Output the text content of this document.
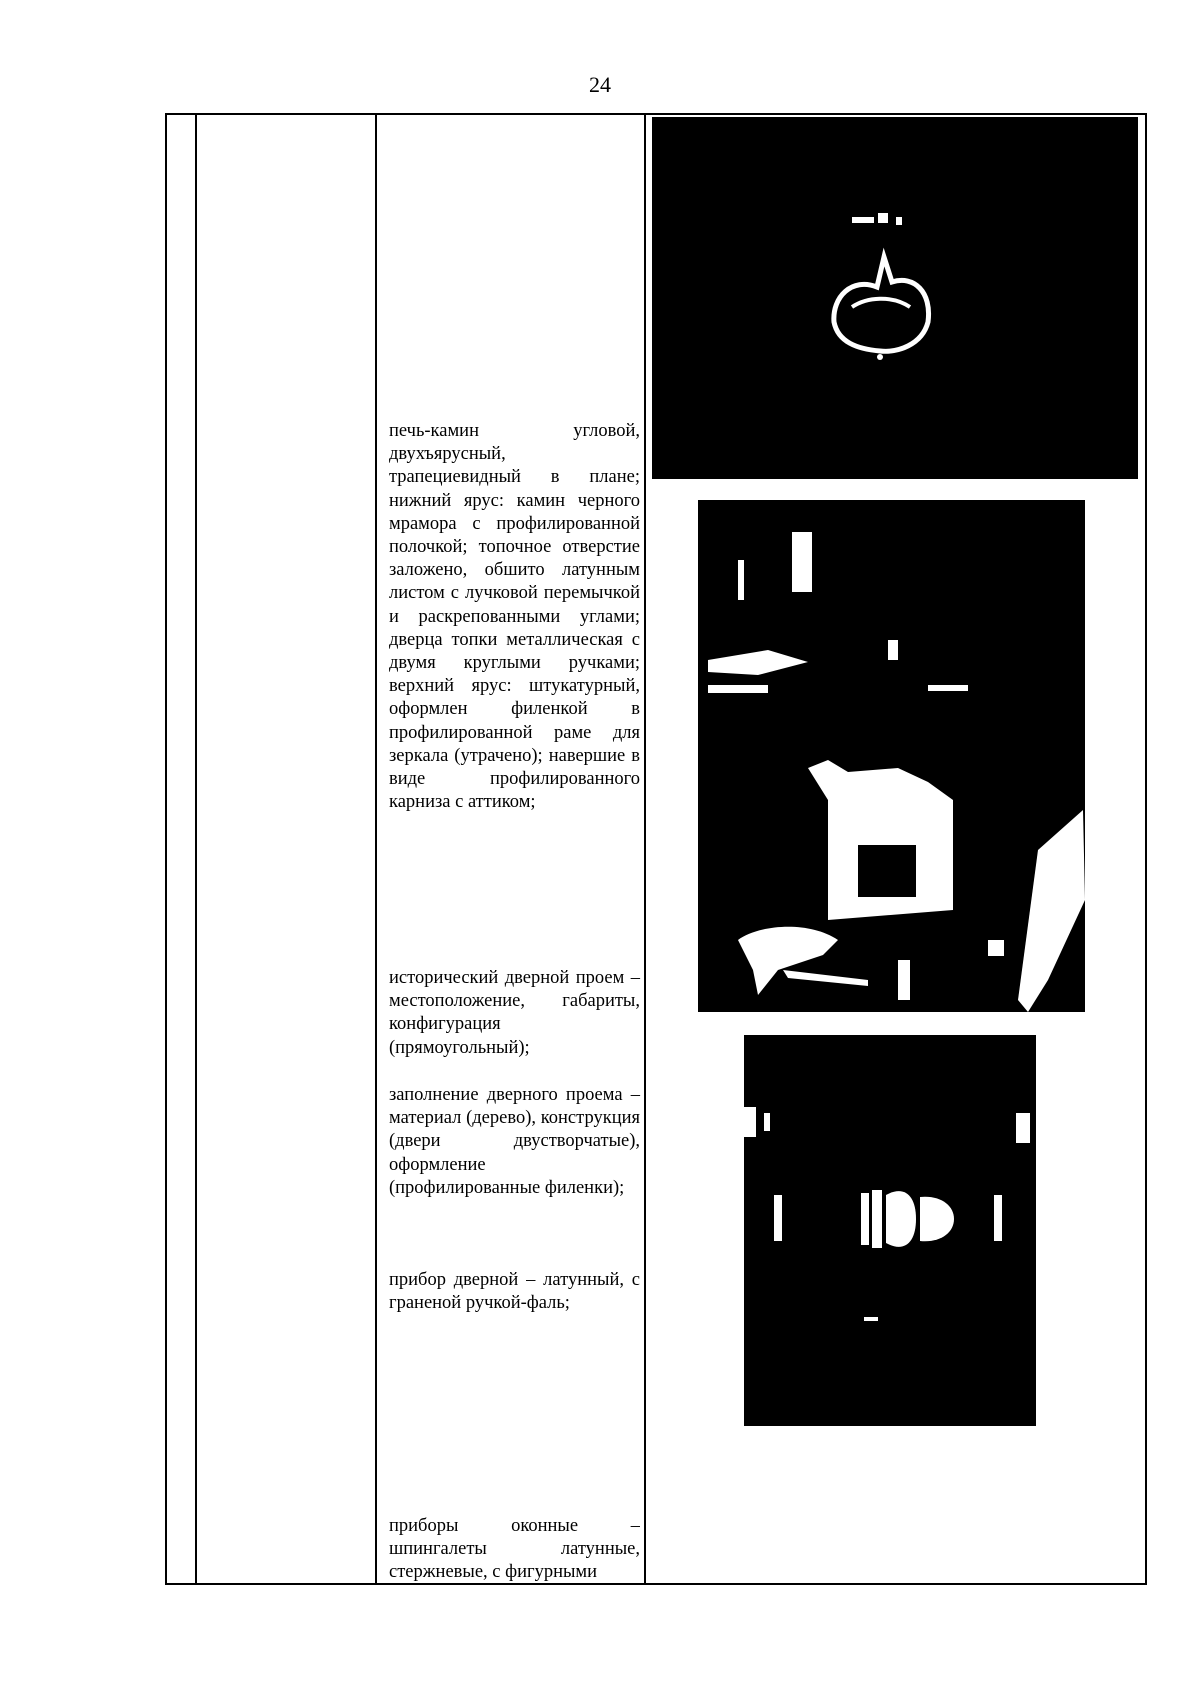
24

печь-камин угловой, двухъярусный, трапециевидный в плане; нижний ярус: камин черного мрамора с профилированной полочкой; топочное отверстие заложено, обшито латунным листом с лучковой перемычкой и раскрепованными углами; дверца топки металлическая с двумя круглыми ручками; верхний ярус: штукатурный, оформлен филенкой в профилированной раме для зеркала (утрачено); навершие в виде профилированного карниза с аттиком;

исторический дверной проем – местоположение, габариты, конфигурация (прямоугольный);

заполнение дверного проема – материал (дерево), конструкция (двери двустворчатые), оформление (профилированные филенки);

прибор дверной – латунный, с граненой ручкой-фаль;

приборы оконные – шпингалеты латунные, стержневые, с фигурными
